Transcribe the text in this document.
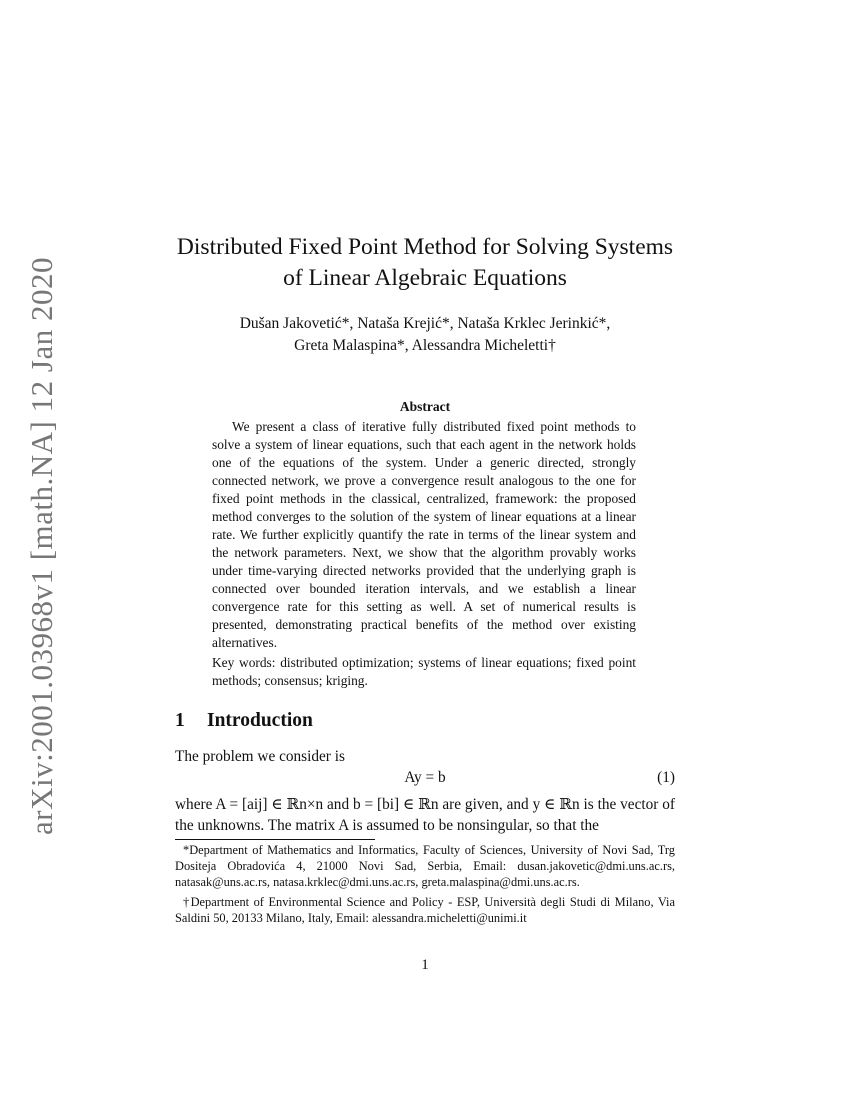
arXiv:2001.03968v1 [math.NA] 12 Jan 2020
Distributed Fixed Point Method for Solving Systems of Linear Algebraic Equations
Dušan Jakovetić*, Nataša Krejić*, Nataša Krklec Jerinkić*,
Greta Malaspina*, Alessandra Micheletti†
Abstract
We present a class of iterative fully distributed fixed point methods to solve a system of linear equations, such that each agent in the network holds one of the equations of the system. Under a generic directed, strongly connected network, we prove a convergence result analogous to the one for fixed point methods in the classical, centralized, framework: the proposed method converges to the solution of the system of linear equations at a linear rate. We further explicitly quantify the rate in terms of the linear system and the network parameters. Next, we show that the algorithm provably works under time-varying directed networks provided that the underlying graph is connected over bounded iteration intervals, and we establish a linear convergence rate for this setting as well. A set of numerical results is presented, demonstrating practical benefits of the method over existing alternatives.
Key words: distributed optimization; systems of linear equations; fixed point methods; consensus; kriging.
1 Introduction
The problem we consider is
Ay = b	(1)
where A = [aij] ∈ ℝn×n and b = [bi] ∈ ℝn are given, and y ∈ ℝn is the vector of the unknowns. The matrix A is assumed to be nonsingular, so that the

*Department of Mathematics and Informatics, Faculty of Sciences, University of Novi Sad, Trg Dositeja Obradovića 4, 21000 Novi Sad, Serbia, Email: dusan.jakovetic@dmi.uns.ac.rs, natasak@uns.ac.rs, natasa.krklec@dmi.uns.ac.rs, greta.malaspina@dmi.uns.ac.rs.

†Department of Environmental Science and Policy - ESP, Università degli Studi di Milano, Via Saldini 50, 20133 Milano, Italy, Email: alessandra.micheletti@unimi.it

1
